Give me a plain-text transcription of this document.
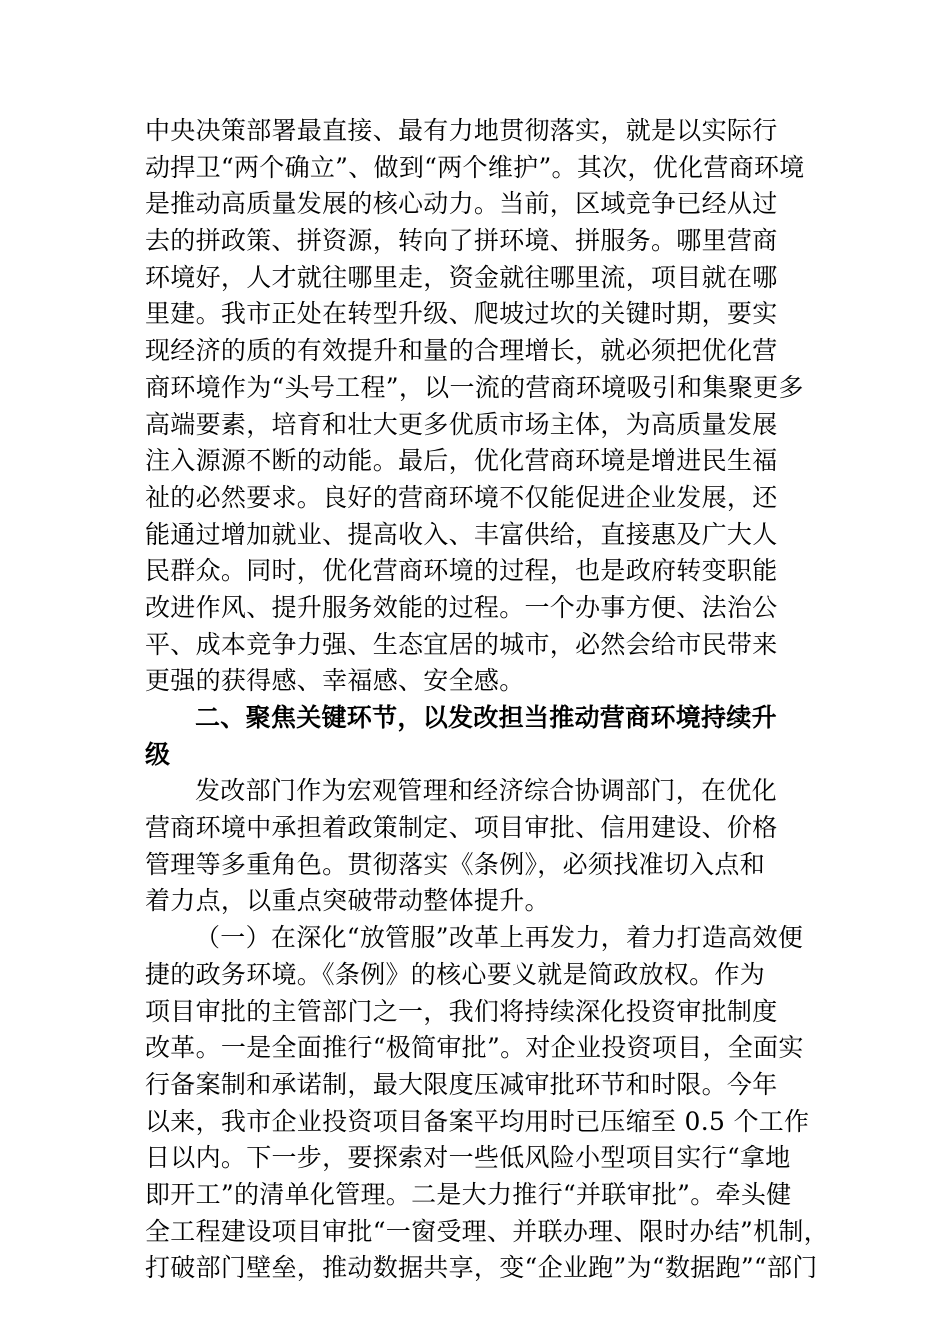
中央决策部署最直接、最有力地贯彻落实，就是以实际行
动捍卫“两个确立”、做到“两个维护”。其次，优化营商环境
是推动高质量发展的核心动力。当前，区域竞争已经从过
去的拼政策、拼资源，转向了拼环境、拼服务。哪里营商
环境好，人才就往哪里走，资金就往哪里流，项目就在哪
里建。我市正处在转型升级、爬坡过坎的关键时期，要实
现经济的质的有效提升和量的合理增长，就必须把优化营
商环境作为“头号工程”，以一流的营商环境吸引和集聚更多
高端要素，培育和壮大更多优质市场主体，为高质量发展
注入源源不断的动能。最后，优化营商环境是增进民生福
祉的必然要求。良好的营商环境不仅能促进企业发展，还
能通过增加就业、提高收入、丰富供给，直接惠及广大人
民群众。同时，优化营商环境的过程，也是政府转变职能
改进作风、提升服务效能的过程。一个办事方便、法治公
平、成本竞争力强、生态宜居的城市，必然会给市民带来
更强的获得感、幸福感、安全感。
二、聚焦关键环节，以发改担当推动营商环境持续升
级
发改部门作为宏观管理和经济综合协调部门，在优化
营商环境中承担着政策制定、项目审批、信用建设、价格
管理等多重角色。贯彻落实《条例》，必须找准切入点和
着力点，以重点突破带动整体提升。
（一）在深化“放管服”改革上再发力，着力打造高效便
捷的政务环境。《条例》的核心要义就是简政放权。作为
项目审批的主管部门之一，我们将持续深化投资审批制度
改革。一是全面推行“极简审批”。对企业投资项目，全面实
行备案制和承诺制，最大限度压减审批环节和时限。今年
以来，我市企业投资项目备案平均用时已压缩至 0.5 个工作
日以内。下一步，要探索对一些低风险小型项目实行“拿地
即开工”的清单化管理。二是大力推行“并联审批”。牵头健
全工程建设项目审批“一窗受理、并联办理、限时办结”机制，
打破部门壁垒，推动数据共享，变“企业跑”为“数据跑”“部门
